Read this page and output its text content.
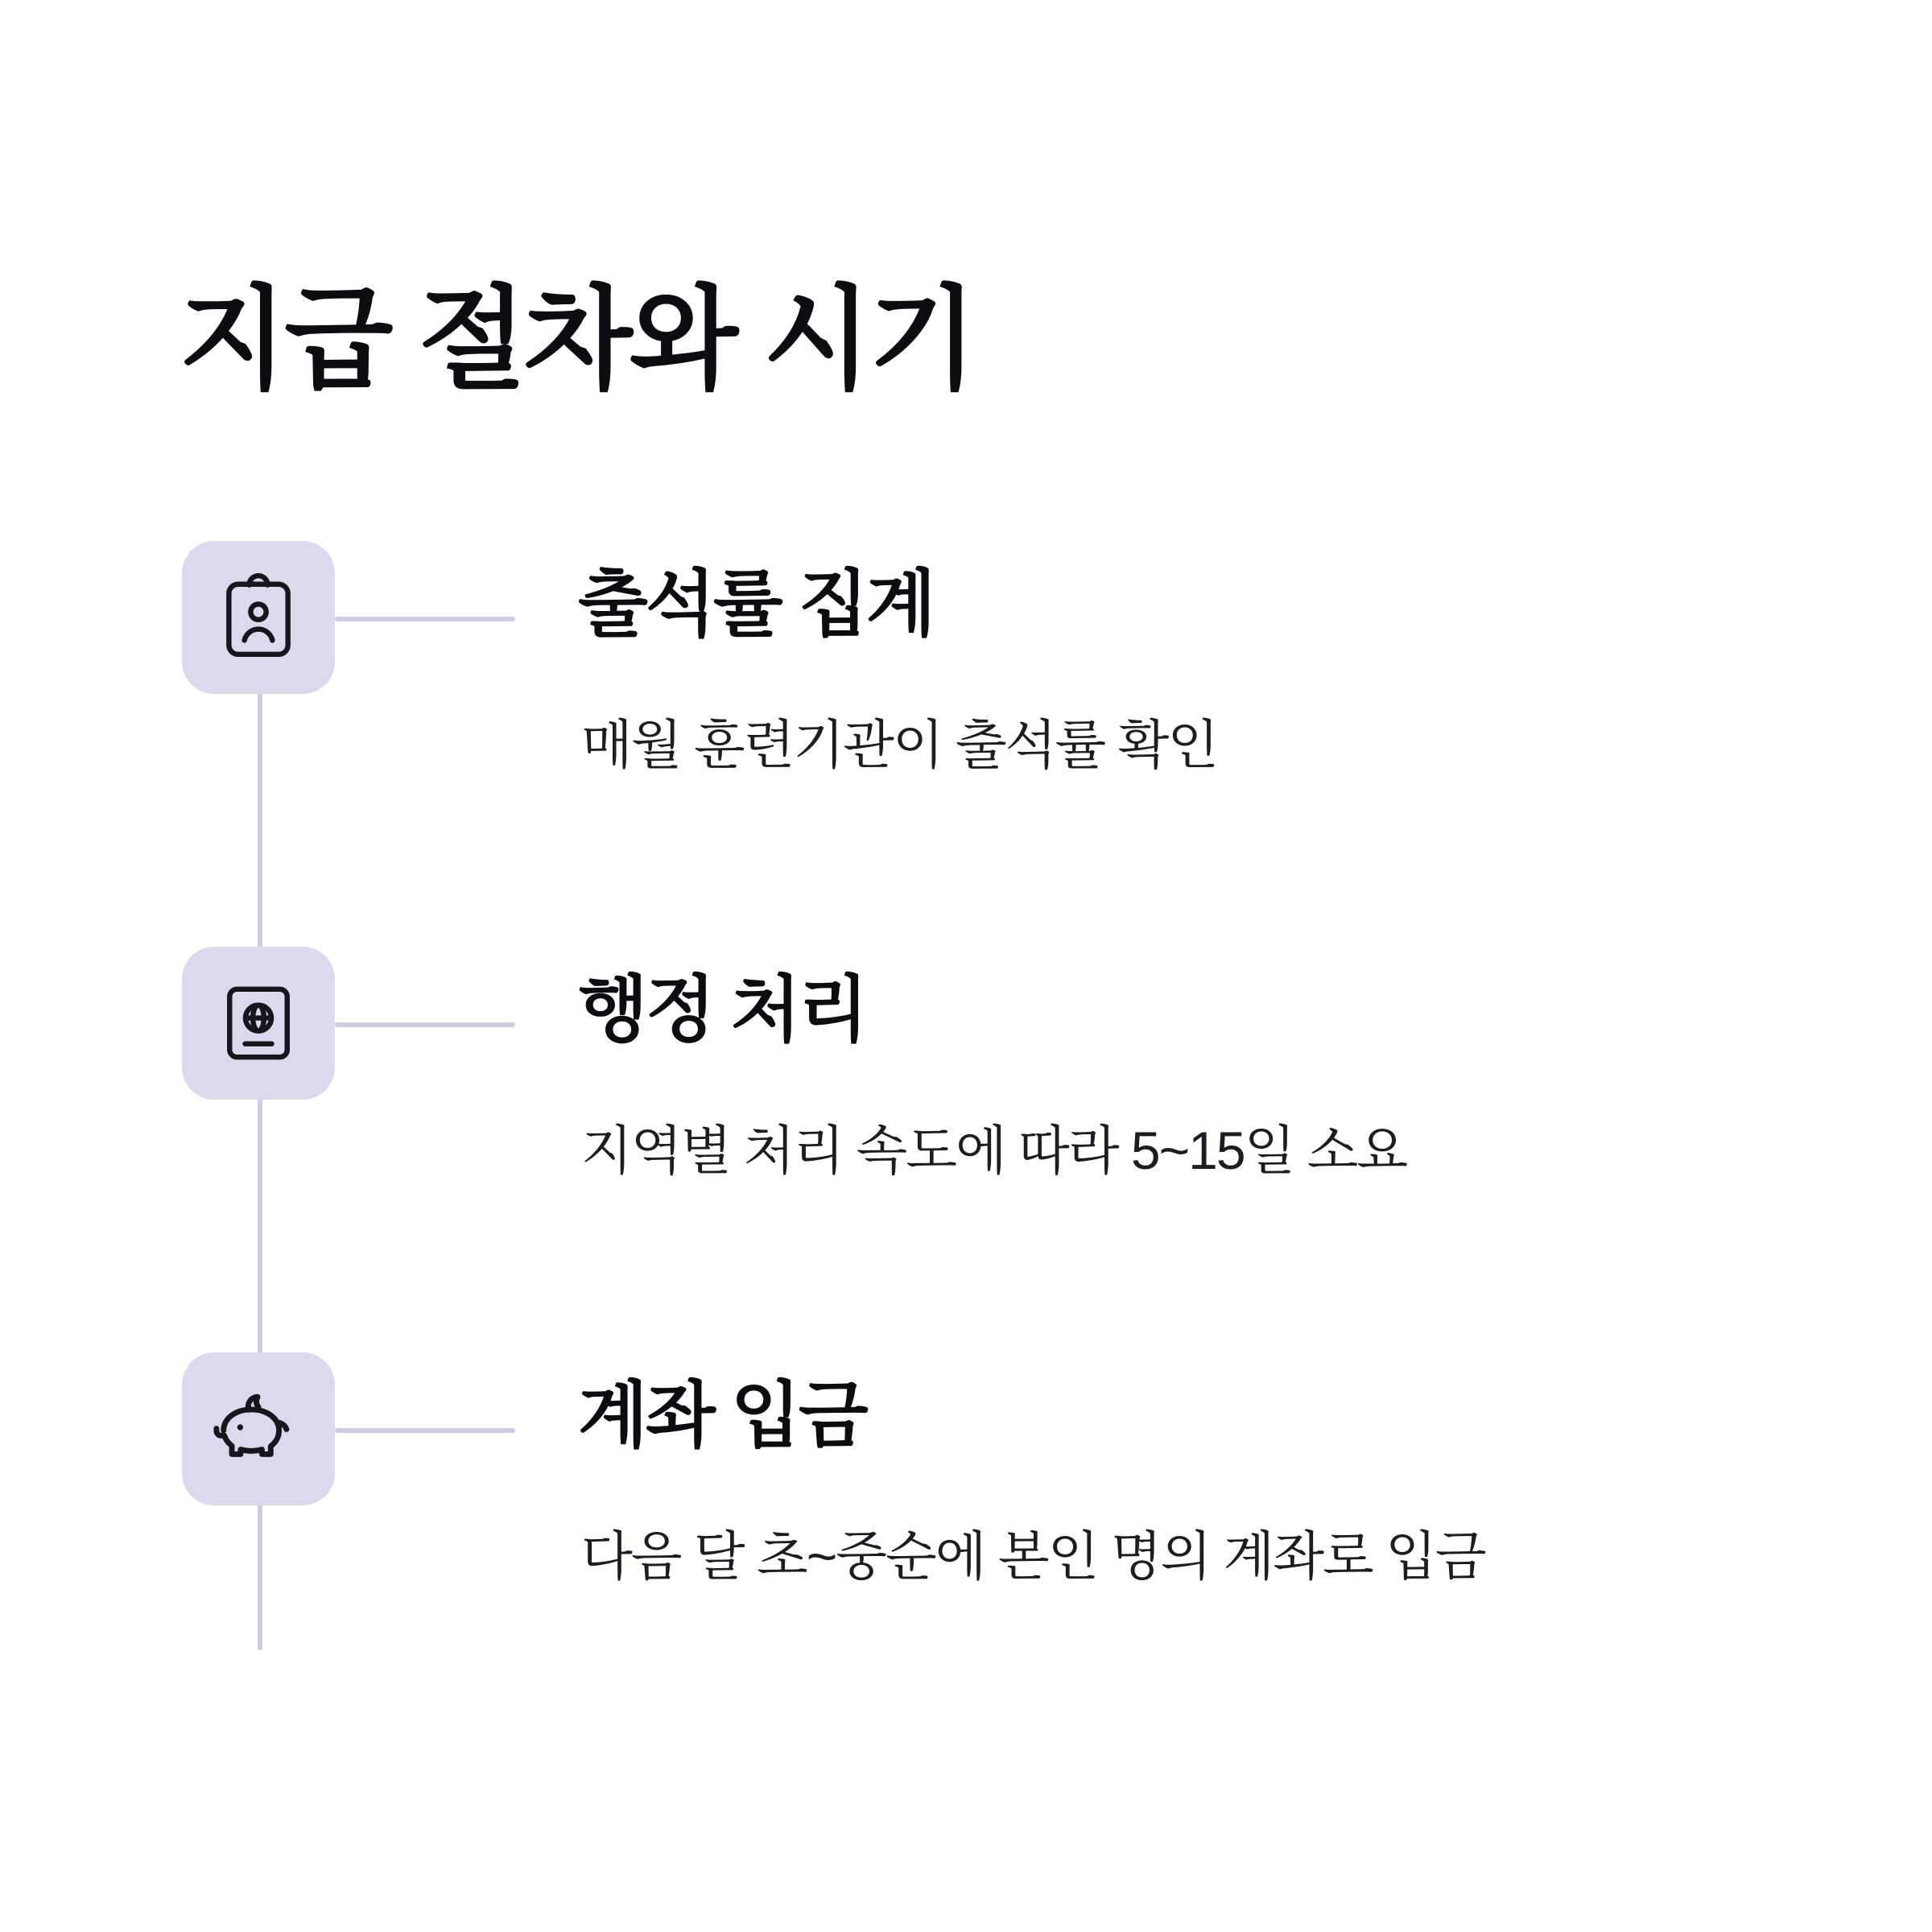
지급 절차와 시기
출석률 집계
매월 훈련기관이 출석률 확인
행정 처리
지역별 처리 속도에 따라 5~15일 소요
계좌 입금
다음 달 초~중순에 본인 명의 계좌로 입금
